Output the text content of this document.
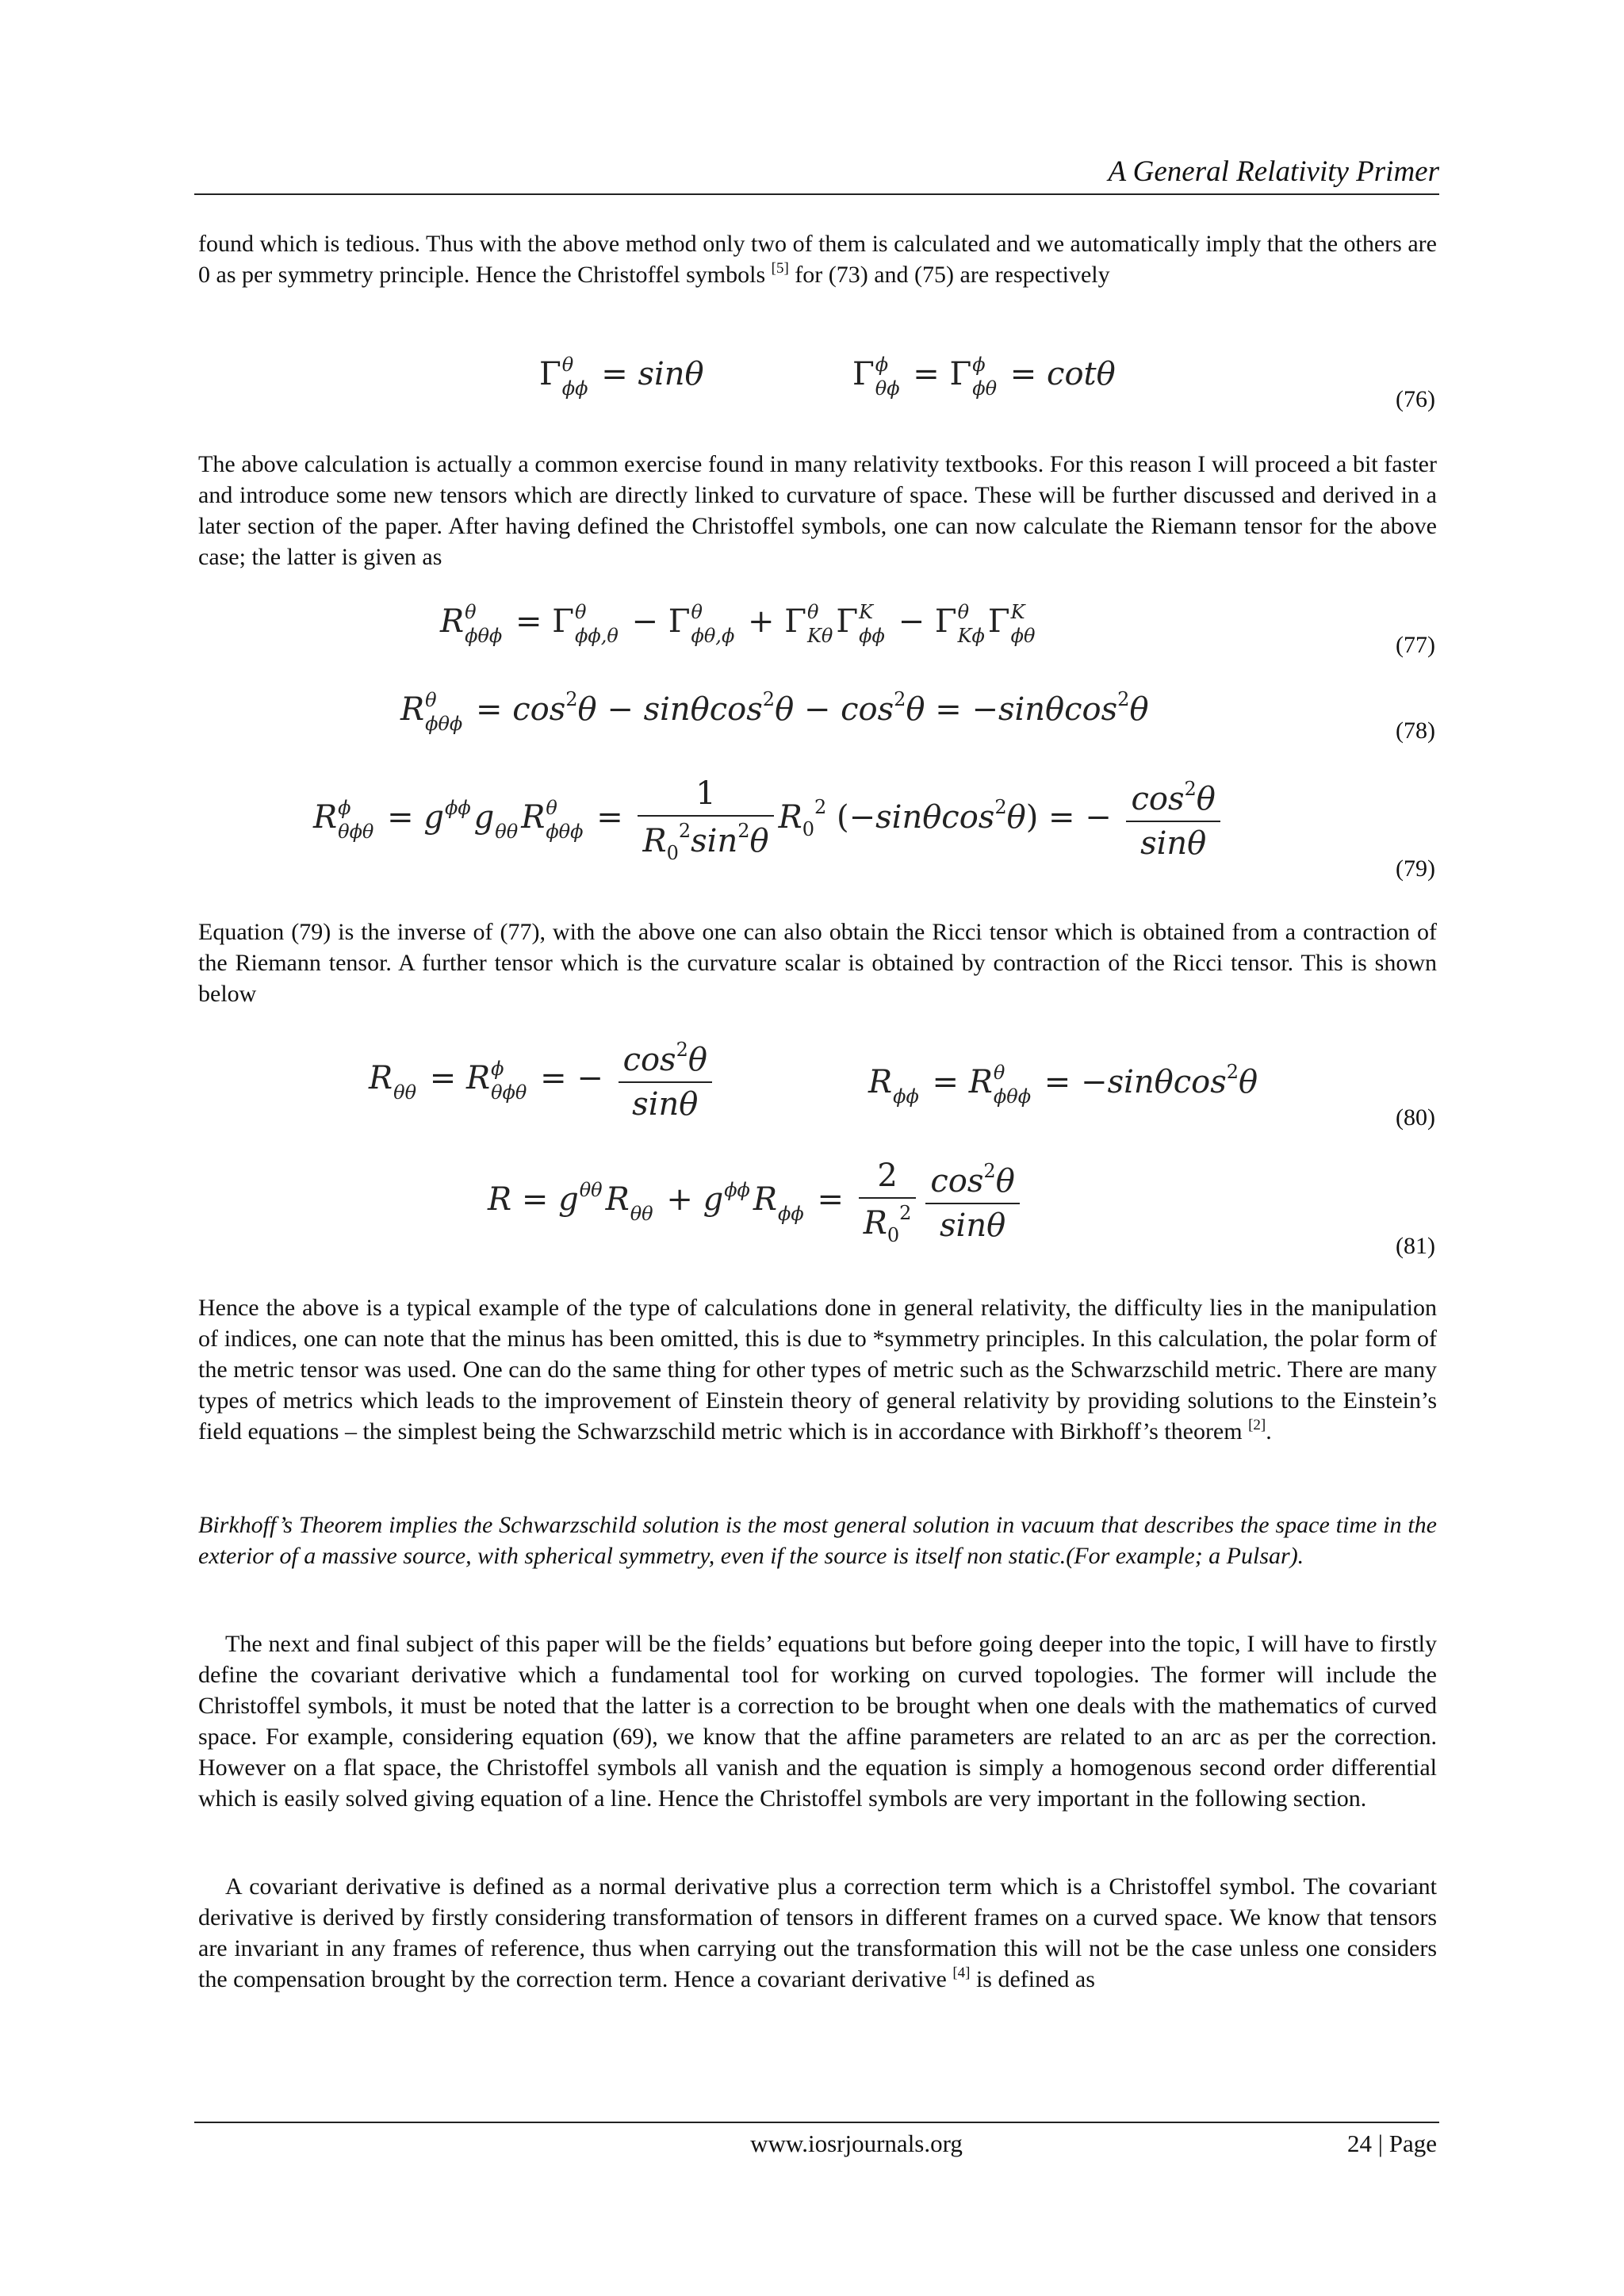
A General Relativity Primer

found which is tedious. Thus with the above method only two of them is calculated and we automatically imply that the others are 0 as per symmetry principle. Hence the Christoffel symbols [5] for (73) and (75) are respectively

Γ θ
ϕϕ = sinθ	Γ ϕ
θϕ = Γ ϕ
ϕθ = cotθ
(76)

The above calculation is actually a common exercise found in many relativity textbooks. For this reason I will proceed a bit faster and introduce some new tensors which are directly linked to curvature of space. These will be further discussed and derived in a later section of the paper. After having defined the Christoffel symbols, one can now calculate the Riemann tensor for the above case; the latter is given as

R θ
ϕθϕ = Γ θ
ϕϕ,θ − Γ θ
ϕθ,ϕ + Γ θ
Kθ Γ K
ϕϕ − Γ θ
Kϕ Γ K
ϕθ	(77)
R θ
$\phi\theta\phi = \cos^2\theta - \sin\theta\cos^2\theta - \cos^2\theta = -\sin\theta\cos^2\theta$
(78)
R ϕ
θϕθ = g ϕϕ
g
θθ R θ
$\phi\theta\phi = \frac{1}{R_0^2\sin^2\theta} R_0^2$ (−sinθcos$^2$θ) = − $\frac{\cos^2\theta}{\sin\theta}$
(79)

Equation (79) is the inverse of (77), with the above one can also obtain the Ricci tensor which is obtained from a contraction of the Riemann tensor. A further tensor which is the curvature scalar is obtained by contraction of the Ricci tensor. This is shown below

R
θθ = R ϕ
θϕθ = − $\frac{\cos^2\theta}{\sin\theta}$	R
ϕϕ = R θ
ϕθϕ = −sinθcos$^2$θ
(80)
R = g θθ
R
θθ + g ϕϕ
R
$\phi\phi = \frac{2}{R_0^2} \frac{\cos^2\theta}{\sin\theta}$
(81)

Hence the above is a typical example of the type of calculations done in general relativity, the difficulty lies in the manipulation of indices, one can note that the minus has been omitted, this is due to *symmetry principles. In this calculation, the polar form of the metric tensor was used. One can do the same thing for other types of metric such as the Schwarzschild metric. There are many types of metrics which leads to the improvement of Einstein theory of general relativity by providing solutions to the Einstein’s field equations – the simplest being the Schwarzschild metric which is in accordance with Birkhoff’s theorem [2].

Birkhoff’s Theorem implies the Schwarzschild solution is the most general solution in vacuum that describes the space time in the exterior of a massive source, with spherical symmetry, even if the source is itself non static.(For example; a Pulsar).

The next and final subject of this paper will be the fields’ equations but before going deeper into the topic, I will have to firstly define the covariant derivative which a fundamental tool for working on curved topologies. The former will include the Christoffel symbols, it must be noted that the latter is a correction to be brought when one deals with the mathematics of curved space. For example, considering equation (69), we know that the affine parameters are related to an arc as per the correction. However on a flat space, the Christoffel symbols all vanish and the equation is simply a homogenous second order differential which is easily solved giving equation of a line. Hence the Christoffel symbols are very important in the following section.

A covariant derivative is defined as a normal derivative plus a correction term which is a Christoffel symbol. The covariant derivative is derived by firstly considering transformation of tensors in different frames on a curved space. We know that tensors are invariant in any frames of reference, thus when carrying out the transformation this will not be the case unless one considers the compensation brought by the correction term. Hence a covariant derivative [4] is defined as

www.iosrjournals.org	24 | Page
